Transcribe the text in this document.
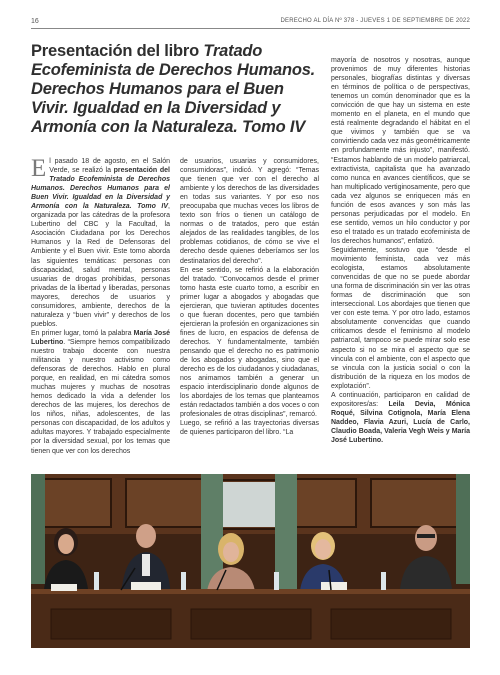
16	DERECHO AL DÍA Nº 378 - JUEVES 1 DE SEPTIEMBRE DE 2022
Presentación del libro Tratado Ecofeminista de Derechos Humanos. Derechos Humanos para el Buen Vivir. Igualdad en la Diversidad y Armonía con la Naturaleza. Tomo IV

El pasado 18 de agosto, en el Salón Verde, se realizó la presentación del Tratado Ecofeminista de Derechos Humanos. Derechos Humanos para el Buen Vivir. Igualdad en la Diversidad y Armonía con la Naturaleza. Tomo IV, organizada por las cátedras de la profesora Lubertino del CBC y la Facultad, la Asociación Ciudadana por los Derechos Humanos y la Red de Defensoras del Ambiente y el Buen vivir. Este tomo aborda las siguientes temáticas: personas con discapacidad, salud mental, personas usuarias de drogas prohibidas, personas privadas de la libertad y liberadas, personas mayores, derechos de usuarios y consumidores, ambiente, derechos de la naturaleza y “buen vivir” y derechos de los pueblos.

En primer lugar, tomó la palabra María José Lubertino. “Siempre hemos compatibilizado nuestro trabajo docente con nuestra militancia y nuestro activismo como defensoras de derechos. Hablo en plural porque, en realidad, en mi cátedra somos muchas mujeres y muchas de nosotras hemos dedicado la vida a defender los derechos de las mujeres, los derechos de los niños, niñas, adolescentes, de las personas con discapacidad, de los adultos y adultas mayores. Y trabajado especialmente por la diversidad sexual, por los temas que tienen que ver con los derechos

de usuarios, usuarias y consumidores, consumidoras”, indicó. Y agregó: “Temas que tienen que ver con el derecho al ambiente y los derechos de las diversidades en todas sus variantes. Y por eso nos preocupaba que muchas veces los libros de texto son fríos o tienen un catálogo de normas o de tratados, pero que están alejados de las realidades tangibles, de los problemas cotidianos, de cómo se vive el derecho desde quienes deberíamos ser los destinatarios del derecho”.

En ese sentido, se refirió a la elaboración del tratado. “Convocamos desde el primer tomo hasta este cuarto tomo, a escribir en primer lugar a abogados y abogadas que ejercieran, que tuvieran aptitudes docentes o que fueran docentes, pero que también ejercieran la profesión en organizaciones sin fines de lucro, en espacios de defensa de derechos. Y fundamentalmente, también pensando que el derecho no es patrimonio de los abogados y abogadas, sino que el derecho es de los ciudadanos y ciudadanas, nos animamos también a generar un espacio interdisciplinario donde algunos de los abordajes de los temas que planteamos están redactados también a dos voces o con profesionales de otras disciplinas”, remarcó.

Luego, se refirió a las trayectorias diversas de quienes participaron del libro. “La

mayoría de nosotros y nosotras, aunque provenimos de muy diferentes historias personales, biografías distintas y diversas en términos de política o de perspectivas, tenemos un común denominador que es la convicción de que hay un sistema en este momento en el planeta, en el mundo que está realmente degradando el hábitat en el que vivimos y también que se va convirtiendo cada vez más geométricamente en profundamente más injusto”, manifestó. “Estamos hablando de un modelo patriarcal, extractivista, capitalista que ha avanzado como nunca en avances científicos, que se han multiplicado vertiginosamente, pero que cada vez algunos se enriquecen más en función de esos avances y son más las personas perjudicadas por el modelo. En ese sentido, vemos un hilo conductor y por eso el tratado es un tratado ecofeminista de los derechos humanos”, enfatizó.

Seguidamente, sostuvo que “desde el movimiento feminista, cada vez más ecologista, estamos absolutamente convencidas de que no se puede abordar una forma de discriminación sin ver las otras formas de discriminación que son interseccional. Los abordajes que tienen que ver con este tema. Y por otro lado, estamos absolutamente convencidas que cuando criticamos desde el feminismo al modelo patriarcal, tampoco se puede mirar solo ese aspecto si no se mira el aspecto que se vincula con el ambiente, con el aspecto que se vincula con la justicia social o con la distribución de la riqueza en los modos de explotación”.

A continuación, participaron en calidad de expositores/as: Leila Devia, Mónica Roqué, Silvina Cotignola, María Elena Naddeo, Flavia Azuri, Lucía de Carlo, Claudio Boada, Valeria Vegh Weis y María José Lubertino.
